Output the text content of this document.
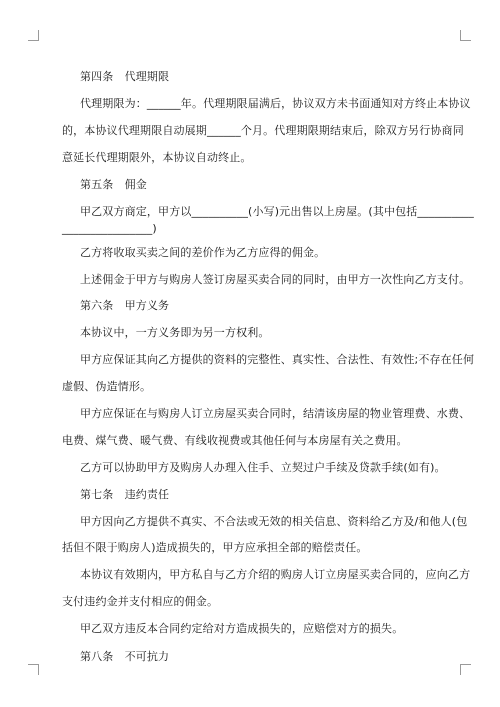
第四条　代理期限
代理期限为：______年。代理期限届满后，协议双方未书面通知对方终止本协议
的，本协议代理期限自动展期______个月。代理期限期结束后，除双方另行协商同
意延长代理期限外，本协议自动终止。
第五条　佣金
甲乙双方商定，甲方以__________(小写)元出售以上房屋。(其中包括__________
________________)
乙方将收取买卖之间的差价作为乙方应得的佣金。
上述佣金于甲方与购房人签订房屋买卖合同的同时，由甲方一次性向乙方支付。
第六条　甲方义务
本协议中，一方义务即为另一方权利。
甲方应保证其向乙方提供的资料的完整性、真实性、合法性、有效性;不存在任何
虚假、伪造情形。
甲方应保证在与购房人订立房屋买卖合同时，结清该房屋的物业管理费、水费、
电费、煤气费、暖气费、有线收视费或其他任何与本房屋有关之费用。
乙方可以协助甲方及购房人办理入住手、立契过户手续及贷款手续(如有)。
第七条　违约责任
甲方因向乙方提供不真实、不合法或无效的相关信息、资料给乙方及/和他人(包
括但不限于购房人)造成损失的，甲方应承担全部的赔偿责任。
本协议有效期内，甲方私自与乙方介绍的购房人订立房屋买卖合同的，应向乙方
支付违约金并支付相应的佣金。
甲乙双方违反本合同约定给对方造成损失的，应赔偿对方的损失。
第八条　不可抗力
